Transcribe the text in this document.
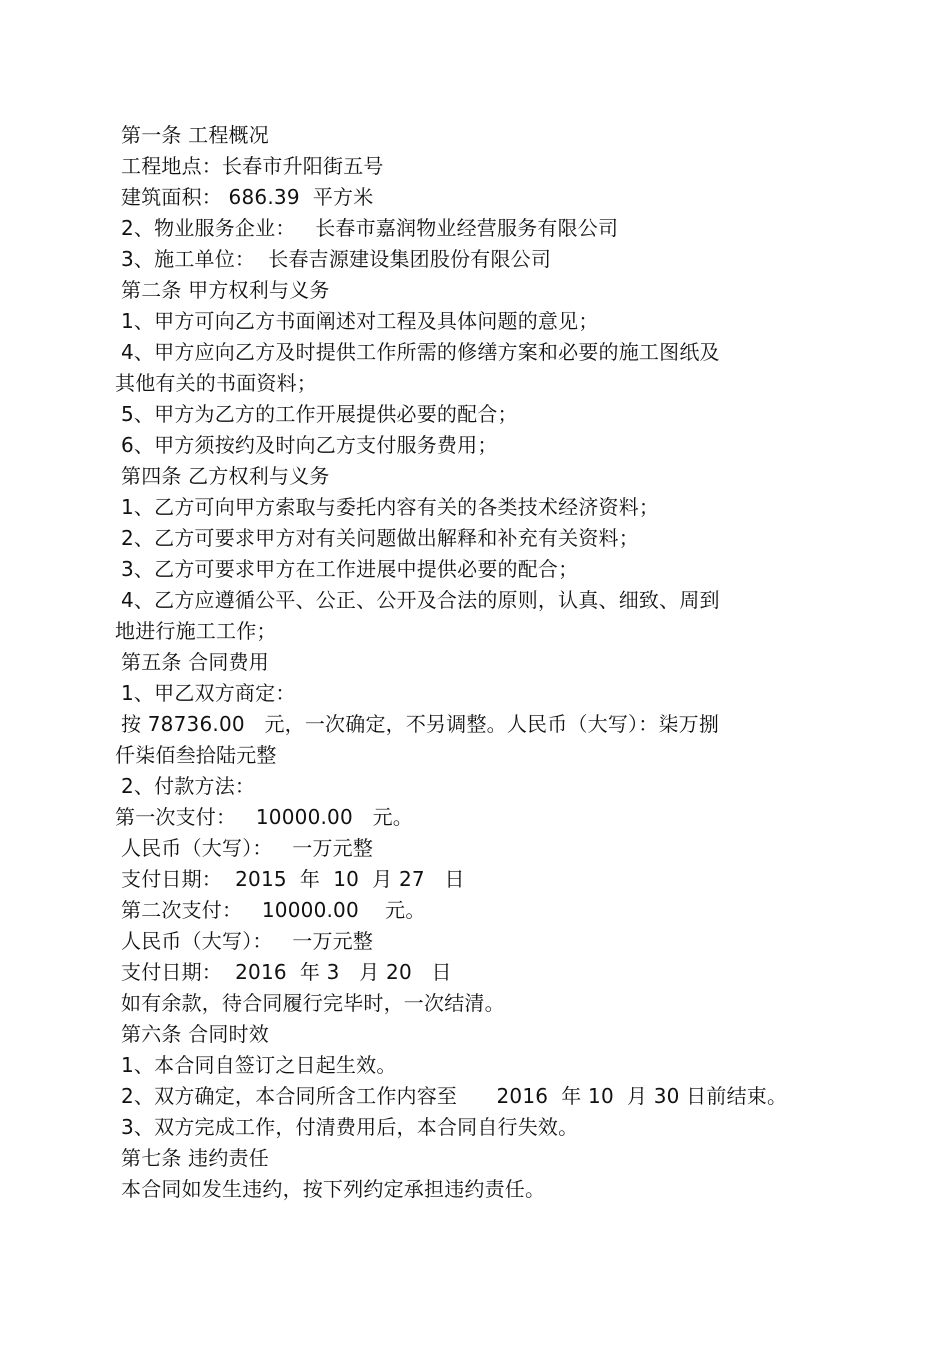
第一条 工程概况
工程地点：长春市升阳街五号
建筑面积： 686.39  平方米
2、物业服务企业：   长春市嘉润物业经营服务有限公司
3、施工单位：  长春吉源建设集团股份有限公司
第二条 甲方权利与义务
1、甲方可向乙方书面阐述对工程及具体问题的意见；
4、甲方应向乙方及时提供工作所需的修缮方案和必要的施工图纸及
其他有关的书面资料；
5、甲方为乙方的工作开展提供必要的配合；
6、甲方须按约及时向乙方支付服务费用；
第四条 乙方权利与义务
1、乙方可向甲方索取与委托内容有关的各类技术经济资料；
2、乙方可要求甲方对有关问题做出解释和补充有关资料；
3、乙方可要求甲方在工作进展中提供必要的配合；
4、乙方应遵循公平、公正、公开及合法的原则，认真、细致、周到
地进行施工工作；
第五条 合同费用
1、甲乙双方商定：
按 78736.00   元，一次确定，不另调整。人民币（大写）：柒万捌
仟柒佰叁拾陆元整
2、付款方法：
第一次支付：   10000.00   元。
人民币（大写）：   一万元整
支付日期：  2015  年  10  月 27   日
第二次支付：   10000.00    元。
人民币（大写）：   一万元整
支付日期：  2016  年 3   月 20   日
如有余款，待合同履行完毕时，一次结清。
第六条 合同时效
1、本合同自签订之日起生效。
2、双方确定，本合同所含工作内容至      2016  年 10  月 30 日前结束。
3、双方完成工作，付清费用后，本合同自行失效。
第七条 违约责任
本合同如发生违约，按下列约定承担违约责任。
